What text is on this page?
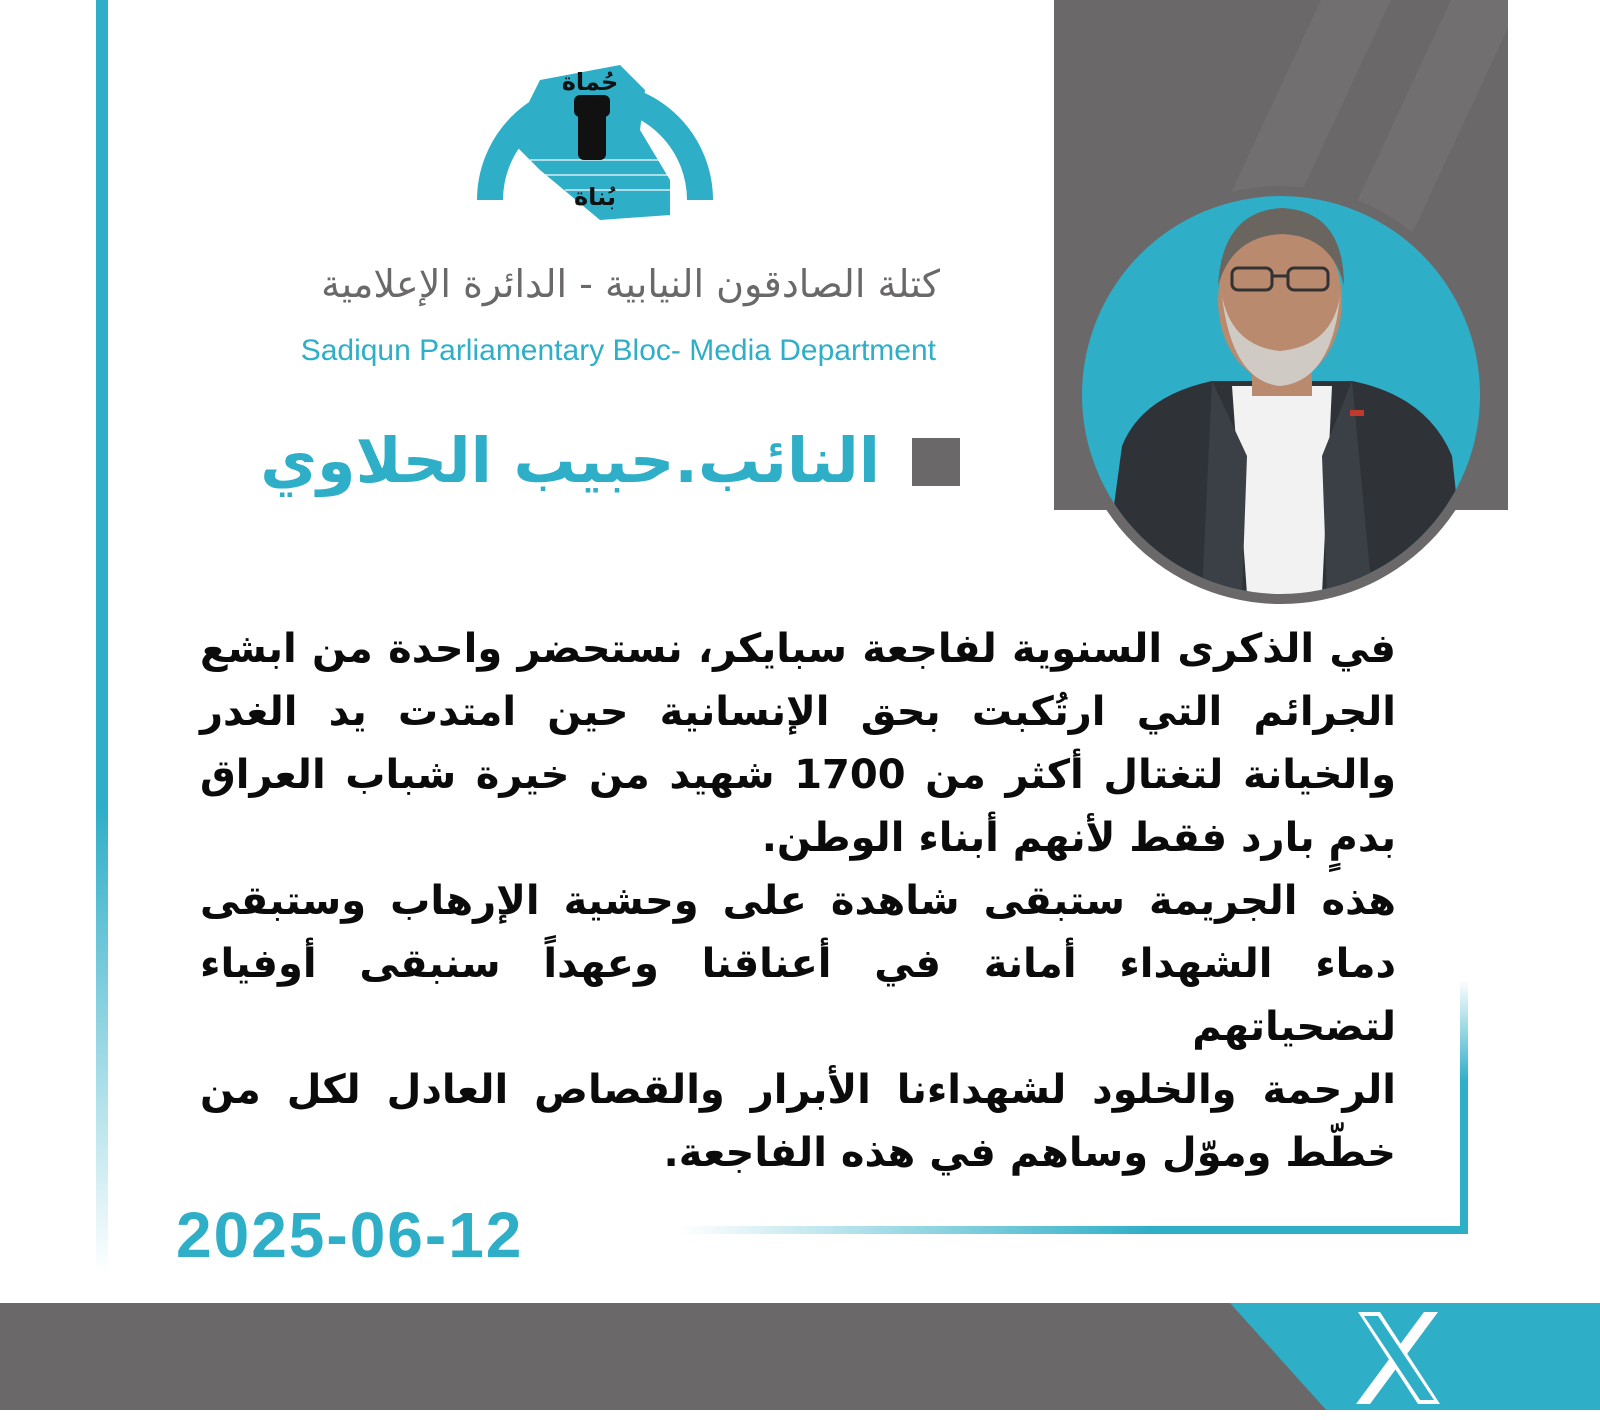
حركة الصادقون
حُماة
بُناة
كتلة الصادقون النيابية - الدائرة الإعلامية
Sadiqun Parliamentary Bloc- Media Department
النائب.حبيب الحلاوي

في الذكرى السنوية لفاجعة سبايكر، نستحضر واحدة من ابشع الجرائم التي ارتُكبت بحق الإنسانية حين امتدت يد الغدر والخيانة لتغتال أكثر من 1700 شهيد من خيرة شباب العراق بدمٍ بارد فقط لأنهم أبناء الوطن.

هذه الجريمة ستبقى شاهدة على وحشية الإرهاب وستبقى دماء الشهداء أمانة في أعناقنا وعهداً سنبقى أوفياء لتضحياتهم

الرحمة والخلود لشهداءنا الأبرار والقصاص العادل لكل من خطّط وموّل وساهم في هذه الفاجعة.

2025-06-12
